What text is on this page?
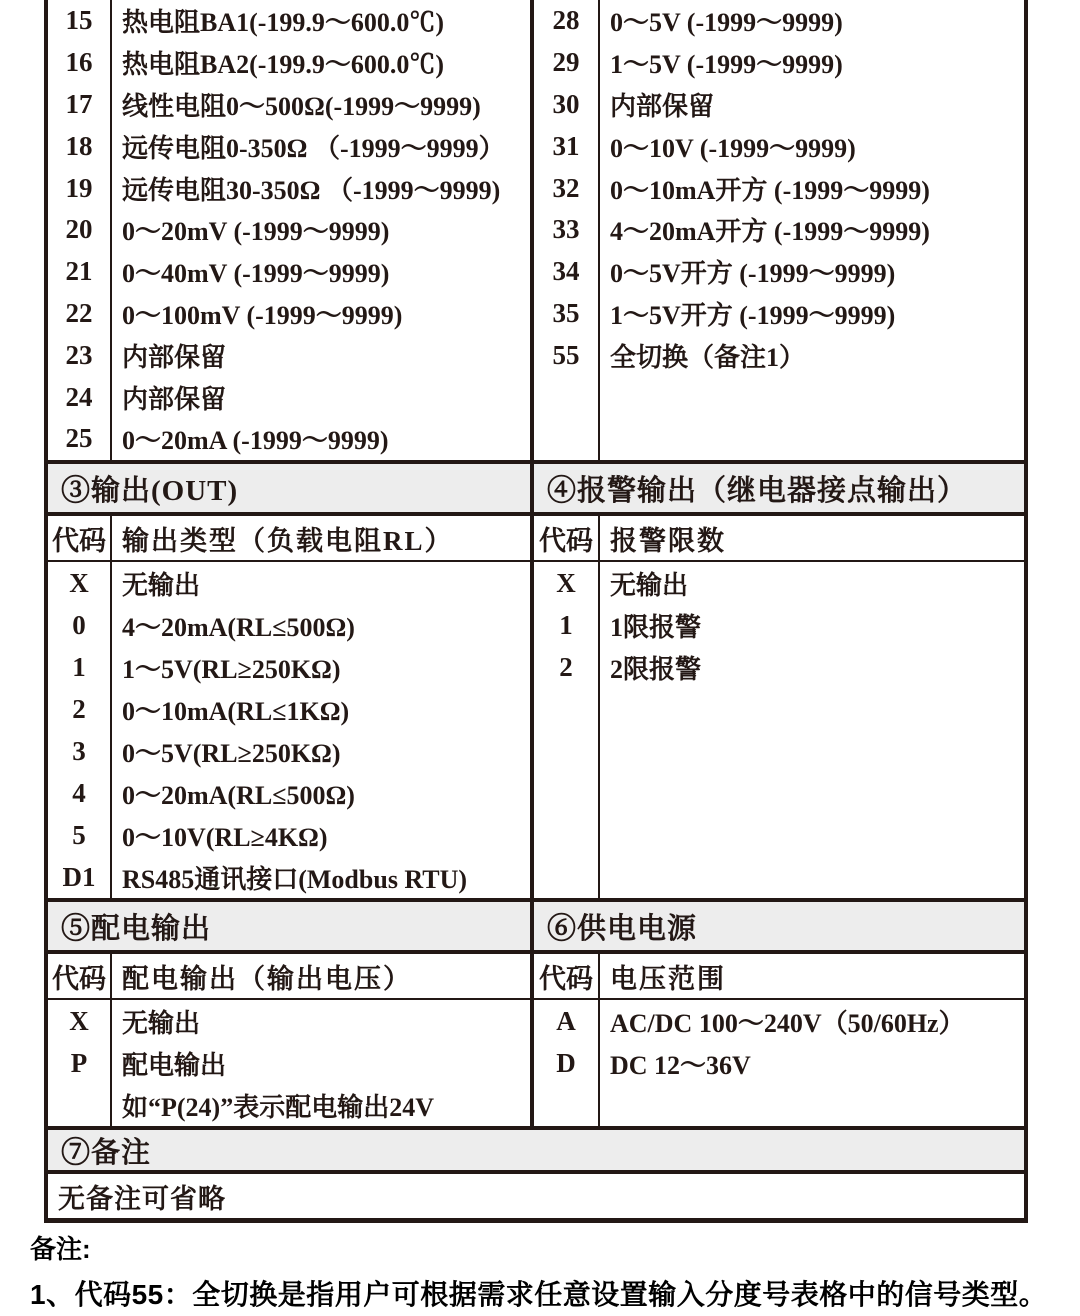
15	热电阻BA1(-199.9～600.0℃)
16	热电阻BA2(-199.9～600.0℃)
17	线性电阻0～500Ω(-1999～9999)
18	远传电阻0-350Ω （-1999～9999）
19	远传电阻30-350Ω （-1999～9999)
20	0～20mV (-1999～9999)
21	0～40mV (-1999～9999)
22	0～100mV (-1999～9999)
23	内部保留
24	内部保留
25	0～20mA (-1999～9999)
28	0～5V (-1999～9999)
29	1～5V (-1999～9999)
30	内部保留
31	0～10V (-1999～9999)
32	0～10mA开方 (-1999～9999)
33	4～20mA开方 (-1999～9999)
34	0～5V开方 (-1999～9999)
35	1～5V开方 (-1999～9999)
55	全切换（备注1）
③输出(OUT)	④报警输出（继电器接点输出）
代码 输出类型（负载电阻RL）	代码 报警限数
X	无输出
0	4～20mA(RL≤500Ω)
1	1～5V(RL≥250KΩ)
2	0～10mA(RL≤1KΩ)
3	0～5V(RL≥250KΩ)
4	0～20mA(RL≤500Ω)
5	0～10V(RL≥4KΩ)
D1	RS485通讯接口(Modbus RTU)
X	无输出
1	1限报警
2	2限报警
⑤配电输出	⑥供电电源
代码 配电输出（输出电压）	代码 电压范围
X	无输出
P	配电输出
如“P(24)”表示配电输出24V
A	AC/DC 100～240V（50/60Hz）
D	DC 12～36V
⑦备注
无备注可省略
备注:
1、代码55：全切换是指用户可根据需求任意设置输入分度号表格中的信号类型。
